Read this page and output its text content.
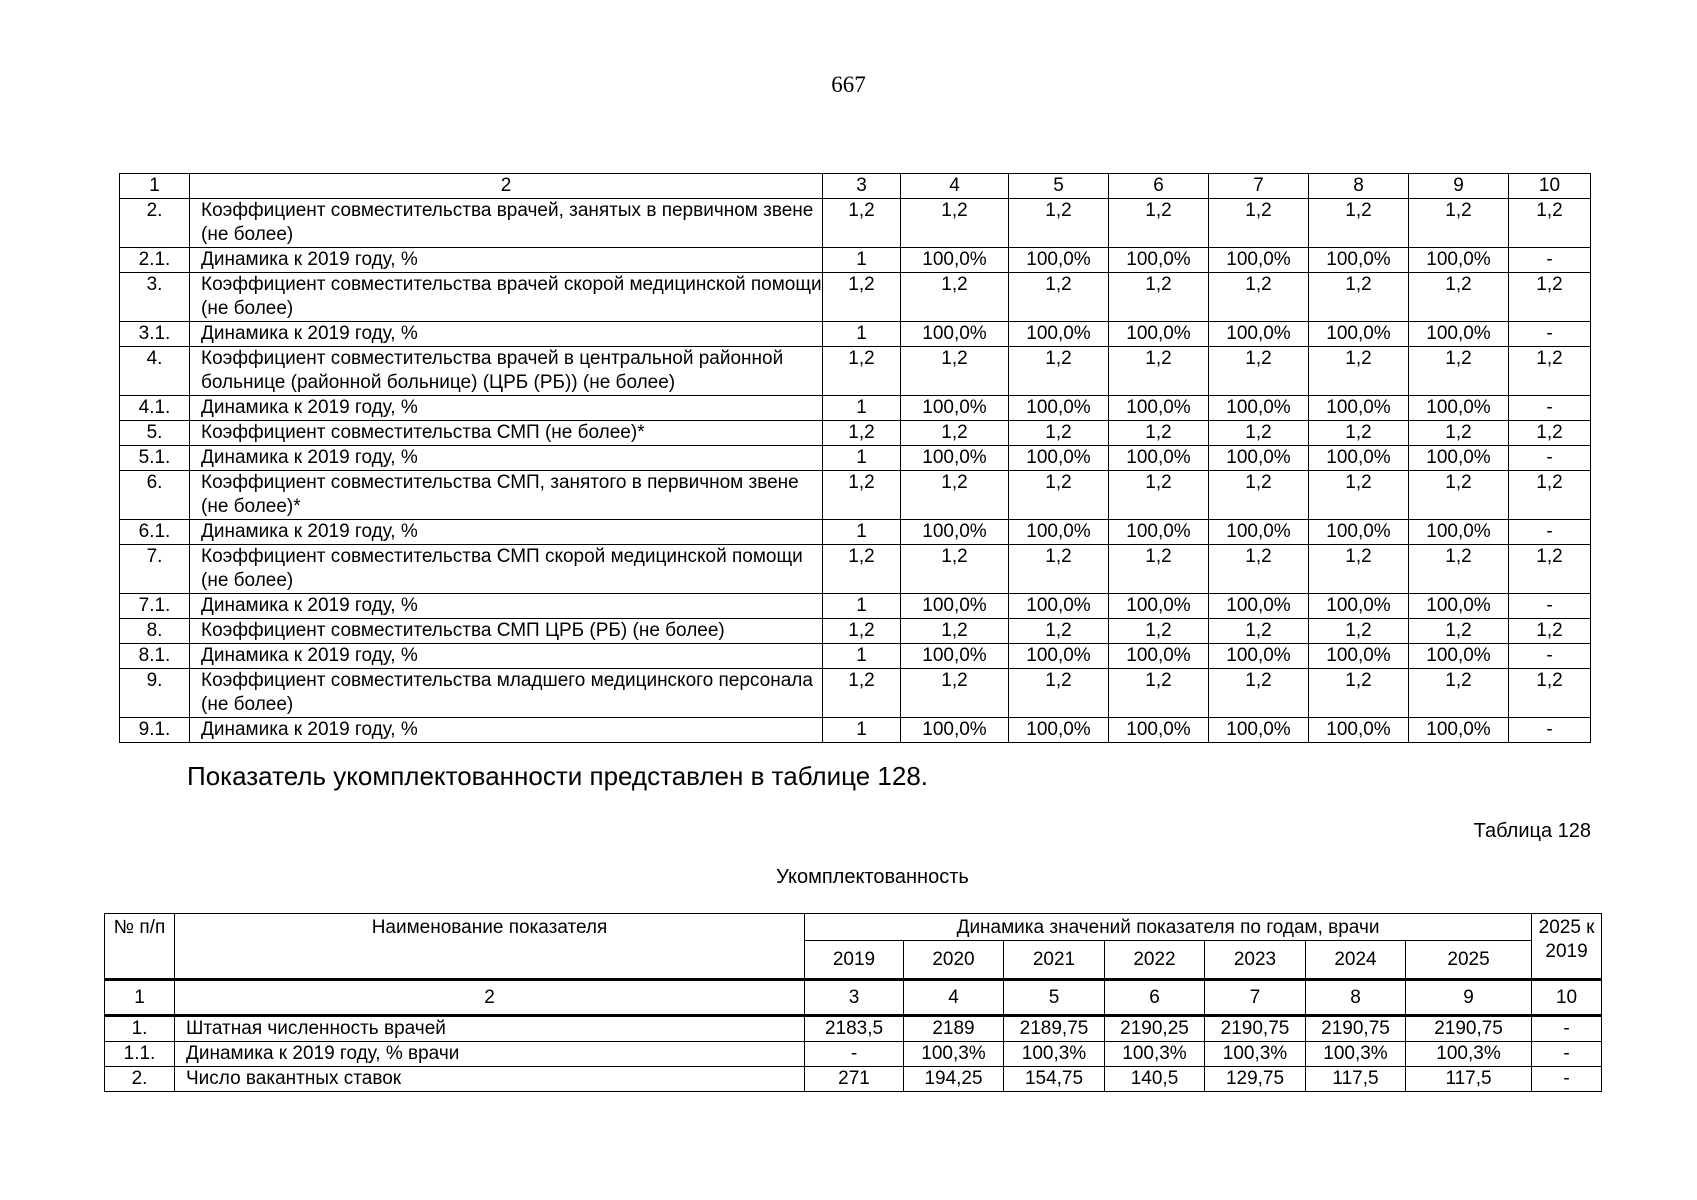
667
1	2	3	4	5	6	7	8	9	10
2.	Коэффициент совместительства врачей, занятых в первичном звене (не более)	1,2	1,2	1,2	1,2	1,2	1,2	1,2	1,2
2.1.	Динамика к 2019 году, %	1	100,0%	100,0%	100,0%	100,0%	100,0%	100,0%	-
3.	Коэффициент совместительства врачей скорой медицинской помощи (не более)	1,2	1,2	1,2	1,2	1,2	1,2	1,2	1,2
3.1.	Динамика к 2019 году, %	1	100,0%	100,0%	100,0%	100,0%	100,0%	100,0%	-
4.	Коэффициент совместительства врачей в центральной районной больнице (районной больнице) (ЦРБ (РБ)) (не более)	1,2	1,2	1,2	1,2	1,2	1,2	1,2	1,2
4.1.	Динамика к 2019 году, %	1	100,0%	100,0%	100,0%	100,0%	100,0%	100,0%	-
5.	Коэффициент совместительства СМП (не более)*	1,2	1,2	1,2	1,2	1,2	1,2	1,2	1,2
5.1.	Динамика к 2019 году, %	1	100,0%	100,0%	100,0%	100,0%	100,0%	100,0%	-
6.	Коэффициент совместительства СМП, занятого в первичном звене (не более)*	1,2	1,2	1,2	1,2	1,2	1,2	1,2	1,2
6.1.	Динамика к 2019 году, %	1	100,0%	100,0%	100,0%	100,0%	100,0%	100,0%	-
7.	Коэффициент совместительства СМП скорой медицинской помощи (не более)	1,2	1,2	1,2	1,2	1,2	1,2	1,2	1,2
7.1.	Динамика к 2019 году, %	1	100,0%	100,0%	100,0%	100,0%	100,0%	100,0%	-
8.	Коэффициент совместительства СМП ЦРБ (РБ) (не более)	1,2	1,2	1,2	1,2	1,2	1,2	1,2	1,2
8.1.	Динамика к 2019 году, %	1	100,0%	100,0%	100,0%	100,0%	100,0%	100,0%	-
9.	Коэффициент совместительства младшего медицинского персонала (не более)	1,2	1,2	1,2	1,2	1,2	1,2	1,2	1,2
9.1.	Динамика к 2019 году, %	1	100,0%	100,0%	100,0%	100,0%	100,0%	100,0%	-
Показатель укомплектованности представлен в таблице 128.
Таблица 128
Укомплектованность
№ п/п	Наименование показателя	Динамика значений показателя по годам, врачи							2025 к 2019
		2019	2020	2021	2022	2023	2024	2025	
1	2	3	4	5	6	7	8	9	10
1.	Штатная численность врачей	2183,5	2189	2189,75	2190,25	2190,75	2190,75	2190,75	-
1.1.	Динамика к 2019 году, % врачи	-	100,3%	100,3%	100,3%	100,3%	100,3%	100,3%	-
2.	Число вакантных ставок	271	194,25	154,75	140,5	129,75	117,5	117,5	-
